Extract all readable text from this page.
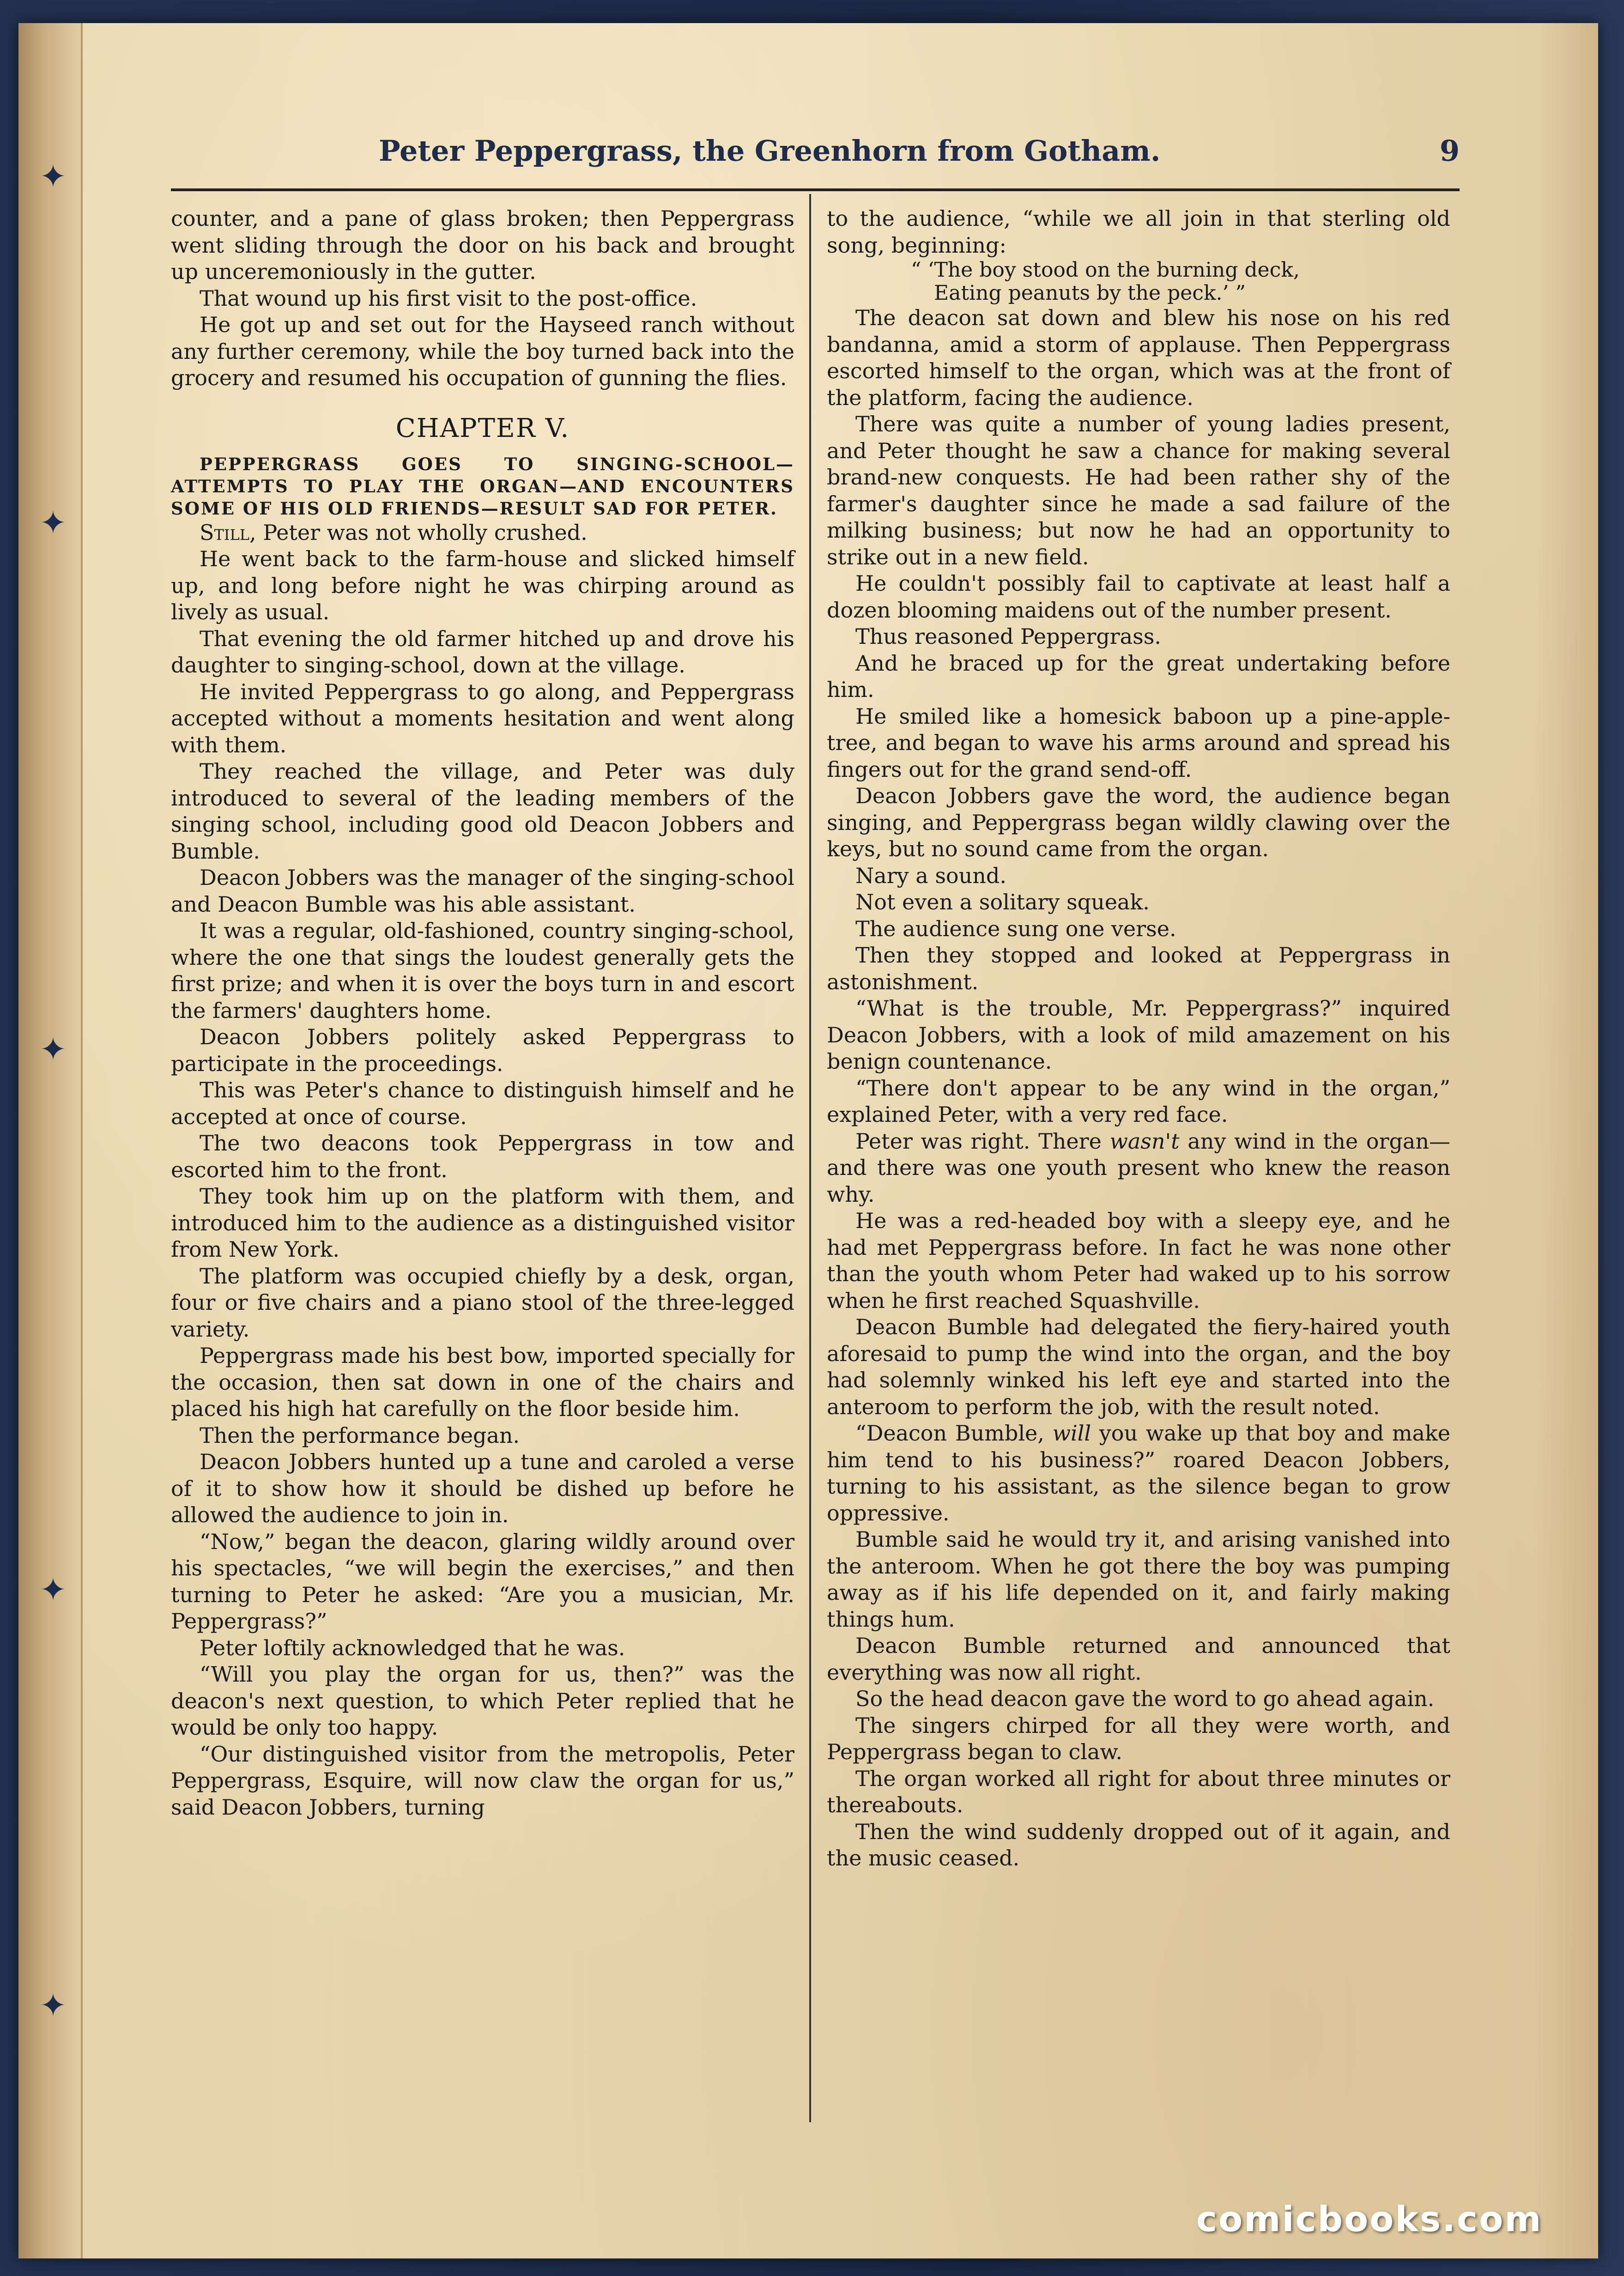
✦
✦
✦
✦
✦
Peter Peppergrass, the Greenhorn from Gotham.	9

counter, and a pane of glass broken; then Peppergrass went sliding through the door on his back and brought up unceremoniously in the gutter.

That wound up his first visit to the post-office.

He got up and set out for the Hayseed ranch without any further ceremony, while the boy turned back into the grocery and resumed his occupation of gunning the flies.

CHAPTER V.

PEPPERGRASS GOES TO SINGING-SCHOOL—ATTEMPTS TO PLAY THE ORGAN—AND ENCOUNTERS SOME OF HIS OLD FRIENDS—RESULT SAD FOR PETER.

Still, Peter was not wholly crushed.

He went back to the farm-house and slicked himself up, and long before night he was chirping around as lively as usual.

That evening the old farmer hitched up and drove his daughter to singing-school, down at the village.

He invited Peppergrass to go along, and Peppergrass accepted without a moments hesitation and went along with them.

They reached the village, and Peter was duly introduced to several of the leading members of the singing school, including good old Deacon Jobbers and Bumble.

Deacon Jobbers was the manager of the singing-school and Deacon Bumble was his able assistant.

It was a regular, old-fashioned, country singing-school, where the one that sings the loudest generally gets the first prize; and when it is over the boys turn in and escort the farmers' daughters home.

Deacon Jobbers politely asked Peppergrass to participate in the proceedings.

This was Peter's chance to distinguish himself and he accepted at once of course.

The two deacons took Peppergrass in tow and escorted him to the front.

They took him up on the platform with them, and introduced him to the audience as a distinguished visitor from New York.

The platform was occupied chiefly by a desk, organ, four or five chairs and a piano stool of the three-legged variety.

Peppergrass made his best bow, imported specially for the occasion, then sat down in one of the chairs and placed his high hat carefully on the floor beside him.

Then the performance began.

Deacon Jobbers hunted up a tune and caroled a verse of it to show how it should be dished up before he allowed the audience to join in.

“Now,” began the deacon, glaring wildly around over his spectacles, “we will begin the exercises,” and then turning to Peter he asked: “Are you a musician, Mr. Peppergrass?”

Peter loftily acknowledged that he was.

“Will you play the organ for us, then?” was the deacon's next question, to which Peter replied that he would be only too happy.

“Our distinguished visitor from the metropolis, Peter Peppergrass, Esquire, will now claw the organ for us,” said Deacon Jobbers, turning

to the audience, “while we all join in that sterling old song, beginning:

“ ‘The boy stood on the burning deck,

Eating peanuts by the peck.’ ”

The deacon sat down and blew his nose on his red bandanna, amid a storm of applause. Then Peppergrass escorted himself to the organ, which was at the front of the platform, facing the audience.

There was quite a number of young ladies present, and Peter thought he saw a chance for making several brand-new conquests. He had been rather shy of the farmer's daughter since he made a sad failure of the milking business; but now he had an opportunity to strike out in a new field.

He couldn't possibly fail to captivate at least half a dozen blooming maidens out of the number present.

Thus reasoned Peppergrass.

And he braced up for the great undertaking before him.

He smiled like a homesick baboon up a pine-apple-tree, and began to wave his arms around and spread his fingers out for the grand send-off.

Deacon Jobbers gave the word, the audience began singing, and Peppergrass began wildly clawing over the keys, but no sound came from the organ.

Nary a sound.

Not even a solitary squeak.

The audience sung one verse.

Then they stopped and looked at Peppergrass in astonishment.

“What is the trouble, Mr. Peppergrass?” inquired Deacon Jobbers, with a look of mild amazement on his benign countenance.

“There don't appear to be any wind in the organ,” explained Peter, with a very red face.

Peter was right. There wasn't any wind in the organ—and there was one youth present who knew the reason why.

He was a red-headed boy with a sleepy eye, and he had met Peppergrass before. In fact he was none other than the youth whom Peter had waked up to his sorrow when he first reached Squashville.

Deacon Bumble had delegated the fiery-haired youth aforesaid to pump the wind into the organ, and the boy had solemnly winked his left eye and started into the anteroom to perform the job, with the result noted.

“Deacon Bumble, will you wake up that boy and make him tend to his business?” roared Deacon Jobbers, turning to his assistant, as the silence began to grow oppressive.

Bumble said he would try it, and arising vanished into the anteroom. When he got there the boy was pumping away as if his life depended on it, and fairly making things hum.

Deacon Bumble returned and announced that everything was now all right.

So the head deacon gave the word to go ahead again.

The singers chirped for all they were worth, and Peppergrass began to claw.

The organ worked all right for about three minutes or thereabouts.

Then the wind suddenly dropped out of it again, and the music ceased.

comicbooks.com
